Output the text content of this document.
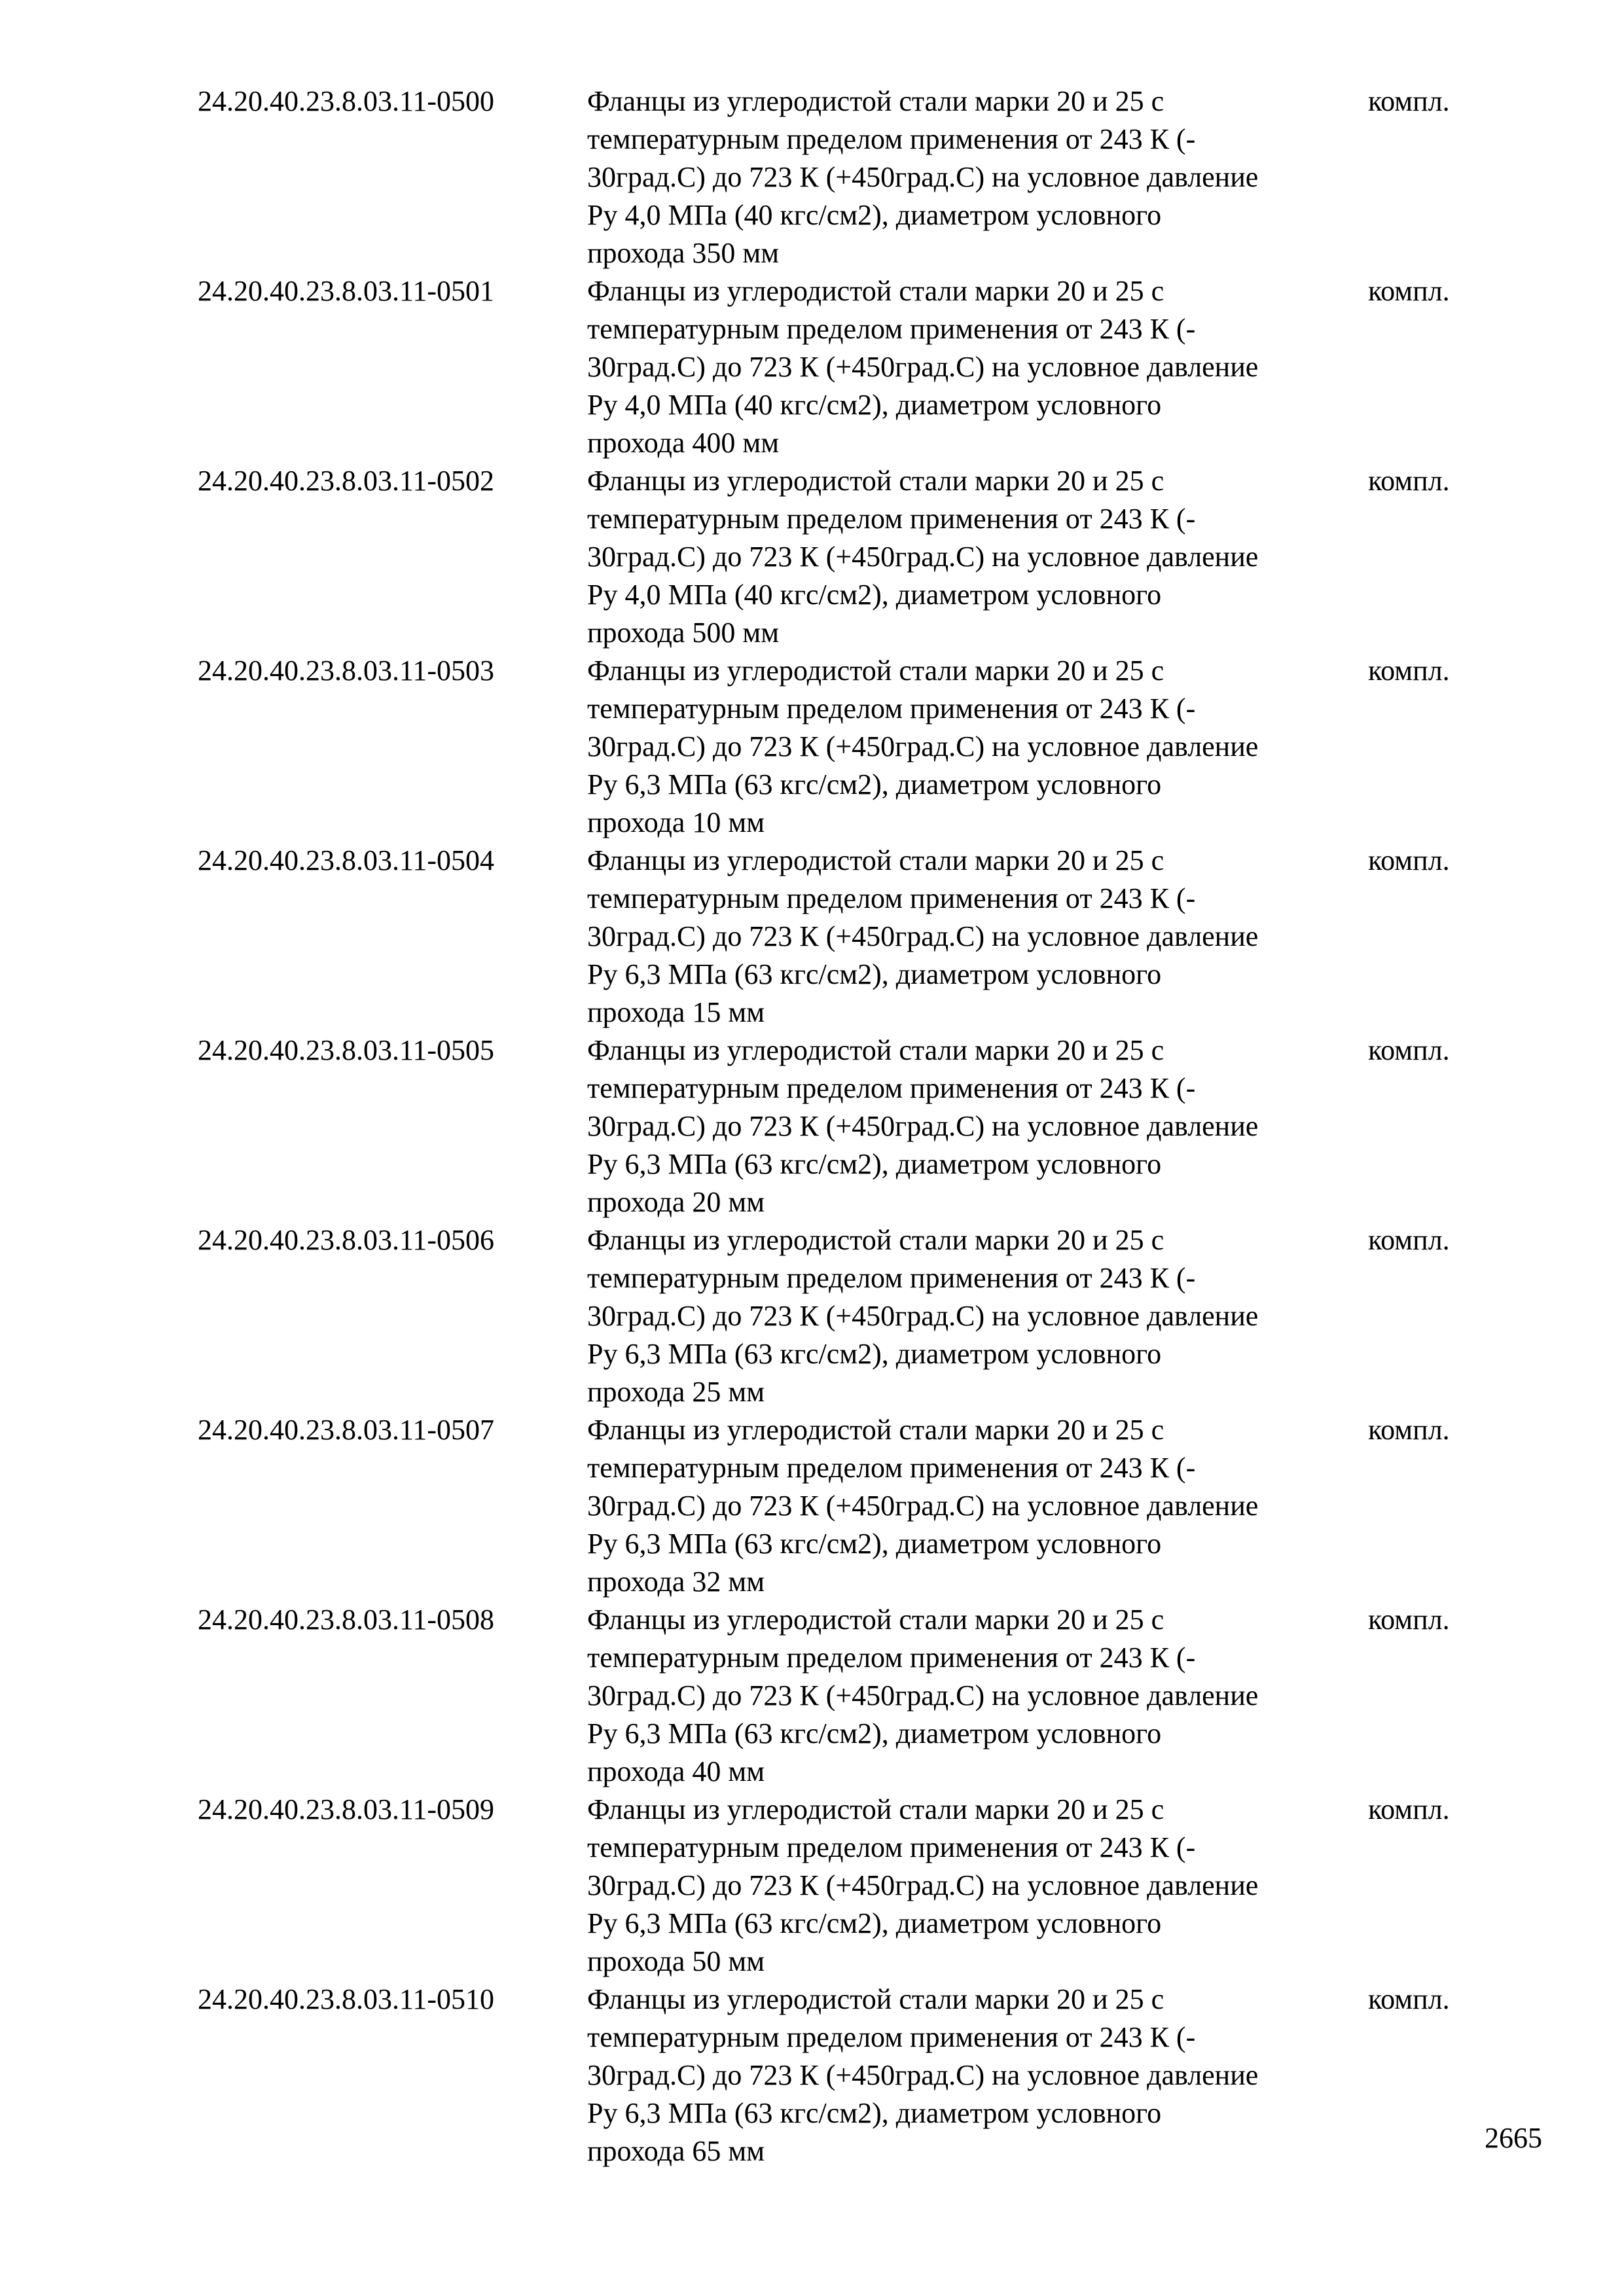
24.20.40.23.8.03.11-0500	Фланцы из углеродистой стали марки 20 и 25 с
температурным пределом применения от 243 К (-
30град.С) до 723 К (+450град.С) на условное давление
Ру 4,0 МПа (40 кгс/см2), диаметром условного
прохода 350 мм
компл.
24.20.40.23.8.03.11-0501	Фланцы из углеродистой стали марки 20 и 25 с
температурным пределом применения от 243 К (-
30град.С) до 723 К (+450град.С) на условное давление
Ру 4,0 МПа (40 кгс/см2), диаметром условного
прохода 400 мм
компл.
24.20.40.23.8.03.11-0502	Фланцы из углеродистой стали марки 20 и 25 с
температурным пределом применения от 243 К (-
30град.С) до 723 К (+450град.С) на условное давление
Ру 4,0 МПа (40 кгс/см2), диаметром условного
прохода 500 мм
компл.
24.20.40.23.8.03.11-0503	Фланцы из углеродистой стали марки 20 и 25 с
температурным пределом применения от 243 К (-
30град.С) до 723 К (+450град.С) на условное давление
Ру 6,3 МПа (63 кгс/см2), диаметром условного
прохода 10 мм
компл.
24.20.40.23.8.03.11-0504	Фланцы из углеродистой стали марки 20 и 25 с
температурным пределом применения от 243 К (-
30град.С) до 723 К (+450град.С) на условное давление
Ру 6,3 МПа (63 кгс/см2), диаметром условного
прохода 15 мм
компл.
24.20.40.23.8.03.11-0505	Фланцы из углеродистой стали марки 20 и 25 с
температурным пределом применения от 243 К (-
30град.С) до 723 К (+450град.С) на условное давление
Ру 6,3 МПа (63 кгс/см2), диаметром условного
прохода 20 мм
компл.
24.20.40.23.8.03.11-0506	Фланцы из углеродистой стали марки 20 и 25 с
температурным пределом применения от 243 К (-
30град.С) до 723 К (+450град.С) на условное давление
Ру 6,3 МПа (63 кгс/см2), диаметром условного
прохода 25 мм
компл.
24.20.40.23.8.03.11-0507	Фланцы из углеродистой стали марки 20 и 25 с
температурным пределом применения от 243 К (-
30град.С) до 723 К (+450град.С) на условное давление
Ру 6,3 МПа (63 кгс/см2), диаметром условного
прохода 32 мм
компл.
24.20.40.23.8.03.11-0508	Фланцы из углеродистой стали марки 20 и 25 с
температурным пределом применения от 243 К (-
30град.С) до 723 К (+450град.С) на условное давление
Ру 6,3 МПа (63 кгс/см2), диаметром условного
прохода 40 мм
компл.
24.20.40.23.8.03.11-0509	Фланцы из углеродистой стали марки 20 и 25 с
температурным пределом применения от 243 К (-
30град.С) до 723 К (+450град.С) на условное давление
Ру 6,3 МПа (63 кгс/см2), диаметром условного
прохода 50 мм
компл.
24.20.40.23.8.03.11-0510	Фланцы из углеродистой стали марки 20 и 25 с
температурным пределом применения от 243 К (-
30град.С) до 723 К (+450град.С) на условное давление
Ру 6,3 МПа (63 кгс/см2), диаметром условного
прохода 65 мм
компл.
2665
